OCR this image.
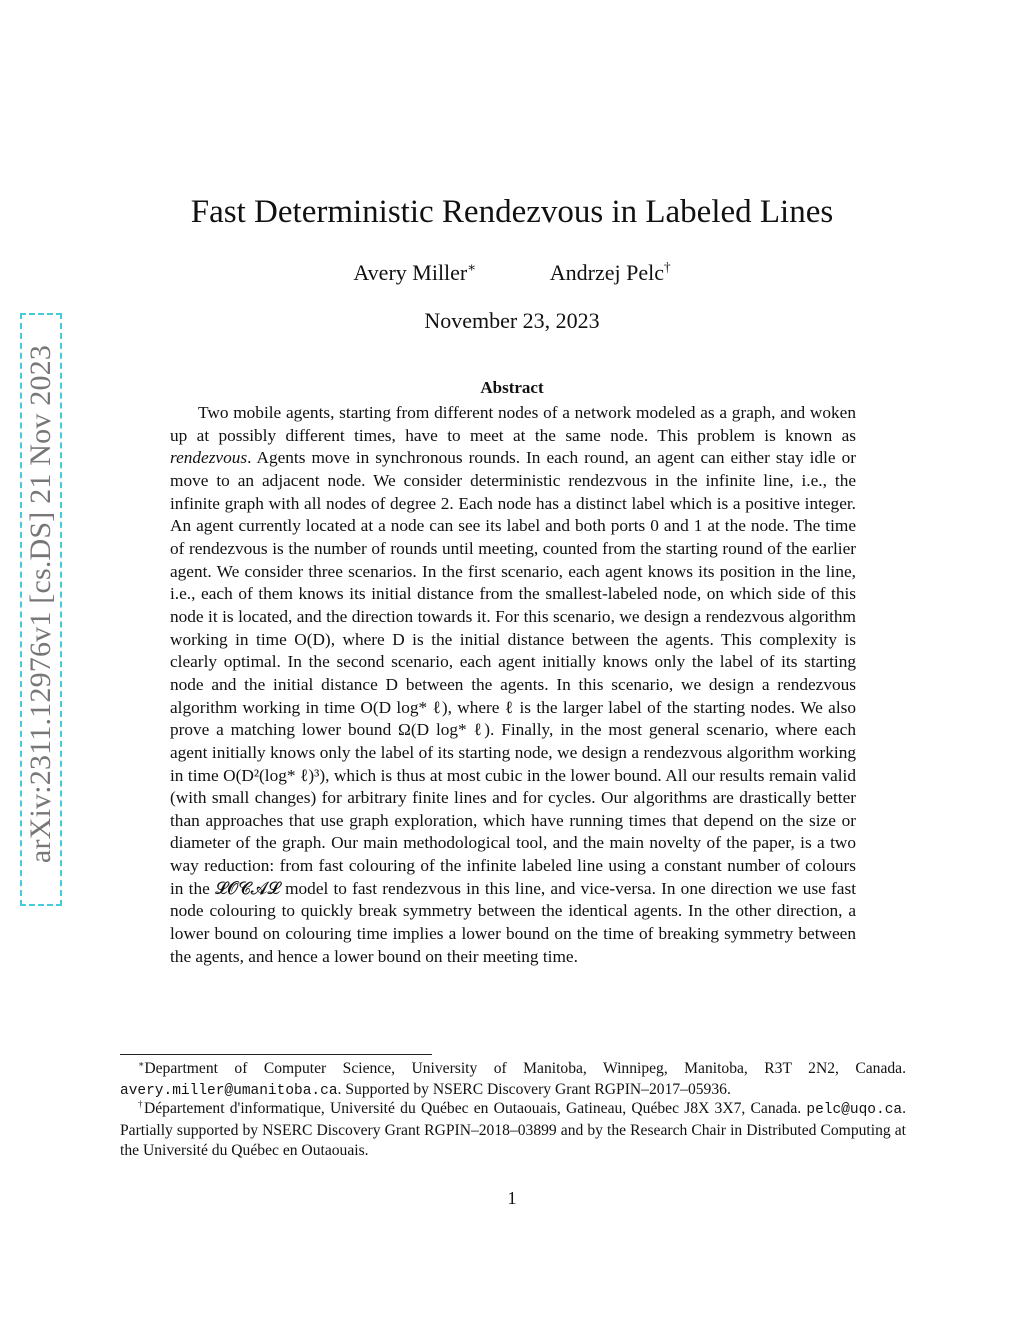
arXiv:2311.12976v1 [cs.DS] 21 Nov 2023
Fast Deterministic Rendezvous in Labeled Lines
Avery Miller∗	Andrzej Pelc†
November 23, 2023
Abstract

Two mobile agents, starting from different nodes of a network modeled as a graph, and woken up at possibly different times, have to meet at the same node. This problem is known as rendezvous. Agents move in synchronous rounds. In each round, an agent can either stay idle or move to an adjacent node. We consider deterministic rendezvous in the infinite line, i.e., the infinite graph with all nodes of degree 2. Each node has a distinct label which is a positive integer. An agent currently located at a node can see its label and both ports 0 and 1 at the node. The time of rendezvous is the number of rounds until meeting, counted from the starting round of the earlier agent. We consider three scenarios. In the first scenario, each agent knows its position in the line, i.e., each of them knows its initial distance from the smallest-labeled node, on which side of this node it is located, and the direction towards it. For this scenario, we design a rendezvous algorithm working in time O(D), where D is the initial distance between the agents. This complexity is clearly optimal. In the second scenario, each agent initially knows only the label of its starting node and the initial distance D between the agents. In this scenario, we design a rendezvous algorithm working in time O(D log* ℓ), where ℓ is the larger label of the starting nodes. We also prove a matching lower bound Ω(D log* ℓ). Finally, in the most general scenario, where each agent initially knows only the label of its starting node, we design a rendezvous algorithm working in time O(D²(log* ℓ)³), which is thus at most cubic in the lower bound. All our results remain valid (with small changes) for arbitrary finite lines and for cycles. Our algorithms are drastically better than approaches that use graph exploration, which have running times that depend on the size or diameter of the graph. Our main methodological tool, and the main novelty of the paper, is a two way reduction: from fast colouring of the infinite labeled line using a constant number of colours in the 𝓛𝓞𝓒𝓐𝓛 model to fast rendezvous in this line, and vice-versa. In one direction we use fast node colouring to quickly break symmetry between the identical agents. In the other direction, a lower bound on colouring time implies a lower bound on the time of breaking symmetry between the agents, and hence a lower bound on their meeting time.

∗Department of Computer Science, University of Manitoba, Winnipeg, Manitoba, R3T 2N2, Canada. avery.miller@umanitoba.ca. Supported by NSERC Discovery Grant RGPIN–2017–05936.
†Département d'informatique, Université du Québec en Outaouais, Gatineau, Québec J8X 3X7, Canada. pelc@uqo.ca. Partially supported by NSERC Discovery Grant RGPIN–2018–03899 and by the Research Chair in Distributed Computing at the Université du Québec en Outaouais.
1
